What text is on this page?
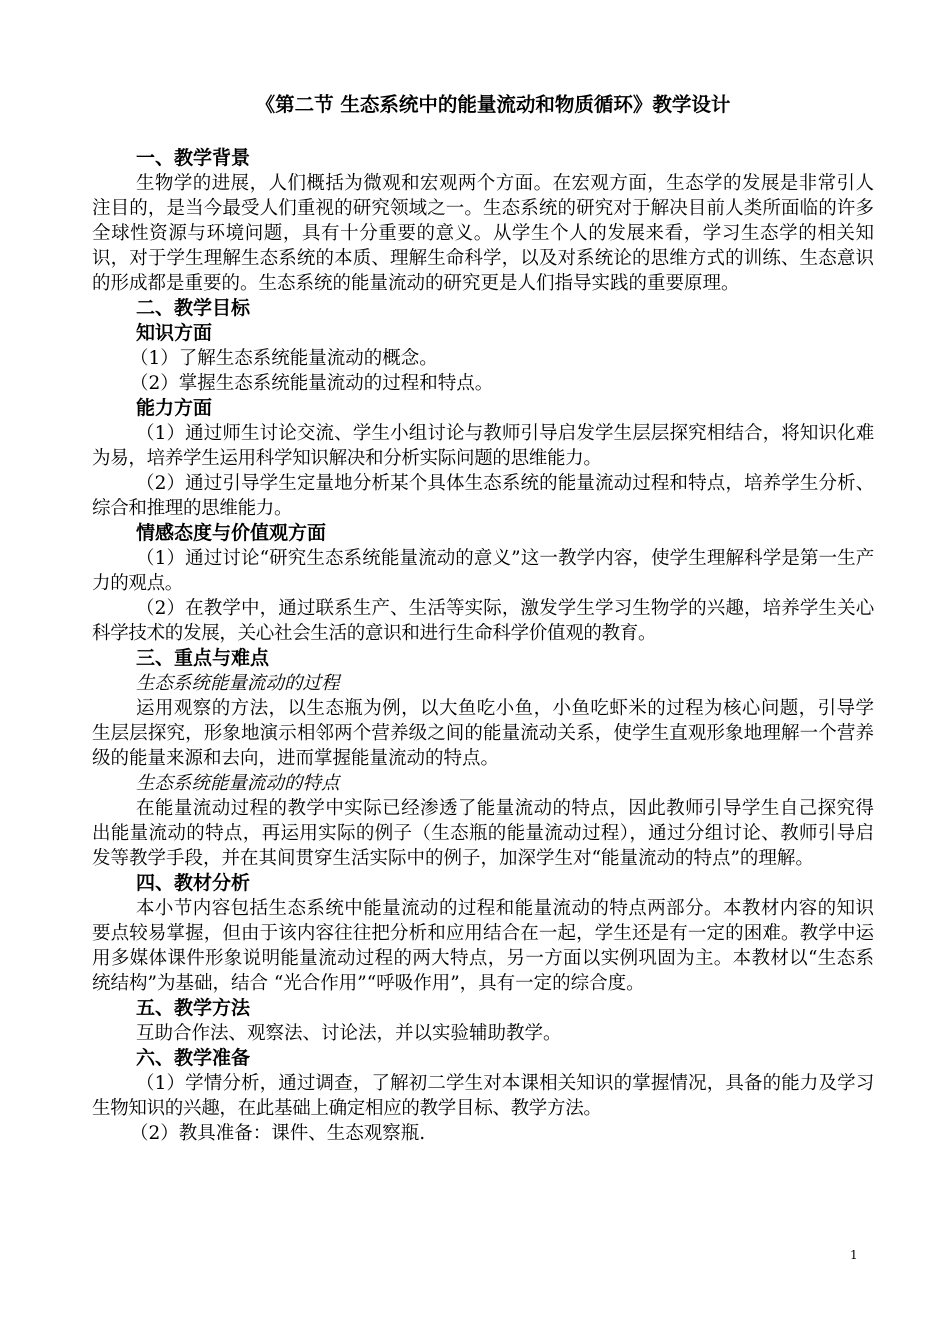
《第二节 生态系统中的能量流动和物质循环》教学设计
一、教学背景
生物学的进展，人们概括为微观和宏观两个方面。在宏观方面，生态学的发展是非常引人注目的，是当今最受人们重视的研究领域之一。生态系统的研究对于解决目前人类所面临的许多全球性资源与环境问题，具有十分重要的意义。从学生个人的发展来看，学习生态学的相关知识，对于学生理解生态系统的本质、理解生命科学，以及对系统论的思维方式的训练、生态意识的形成都是重要的。生态系统的能量流动的研究更是人们指导实践的重要原理。
二、教学目标
知识方面
（1）了解生态系统能量流动的概念。
（2）掌握生态系统能量流动的过程和特点。
能力方面
（1）通过师生讨论交流、学生小组讨论与教师引导启发学生层层探究相结合，将知识化难为易，培养学生运用科学知识解决和分析实际问题的思维能力。
（2）通过引导学生定量地分析某个具体生态系统的能量流动过程和特点，培养学生分析、综合和推理的思维能力。
情感态度与价值观方面
（1）通过讨论“研究生态系统能量流动的意义”这一教学内容，使学生理解科学是第一生产力的观点。
（2）在教学中，通过联系生产、生活等实际，激发学生学习生物学的兴趣，培养学生关心科学技术的发展，关心社会生活的意识和进行生命科学价值观的教育。
三、重点与难点
生态系统能量流动的过程
运用观察的方法，以生态瓶为例，以大鱼吃小鱼，小鱼吃虾米的过程为核心问题，引导学生层层探究，形象地演示相邻两个营养级之间的能量流动关系，使学生直观形象地理解一个营养级的能量来源和去向，进而掌握能量流动的特点。
生态系统能量流动的特点
在能量流动过程的教学中实际已经渗透了能量流动的特点，因此教师引导学生自己探究得出能量流动的特点，再运用实际的例子（生态瓶的能量流动过程），通过分组讨论、教师引导启发等教学手段，并在其间贯穿生活实际中的例子，加深学生对“能量流动的特点”的理解。
四、教材分析
本小节内容包括生态系统中能量流动的过程和能量流动的特点两部分。本教材内容的知识要点较易掌握，但由于该内容往往把分析和应用结合在一起，学生还是有一定的困难。教学中运用多媒体课件形象说明能量流动过程的两大特点，另一方面以实例巩固为主。本教材以“生态系统结构”为基础，结合 “光合作用”“呼吸作用”，具有一定的综合度。
五、教学方法
互助合作法、观察法、讨论法，并以实验辅助教学。
六、教学准备
（1）学情分析，通过调查，了解初二学生对本课相关知识的掌握情况，具备的能力及学习生物知识的兴趣，在此基础上确定相应的教学目标、教学方法。
（2）教具准备：课件、生态观察瓶.
1
